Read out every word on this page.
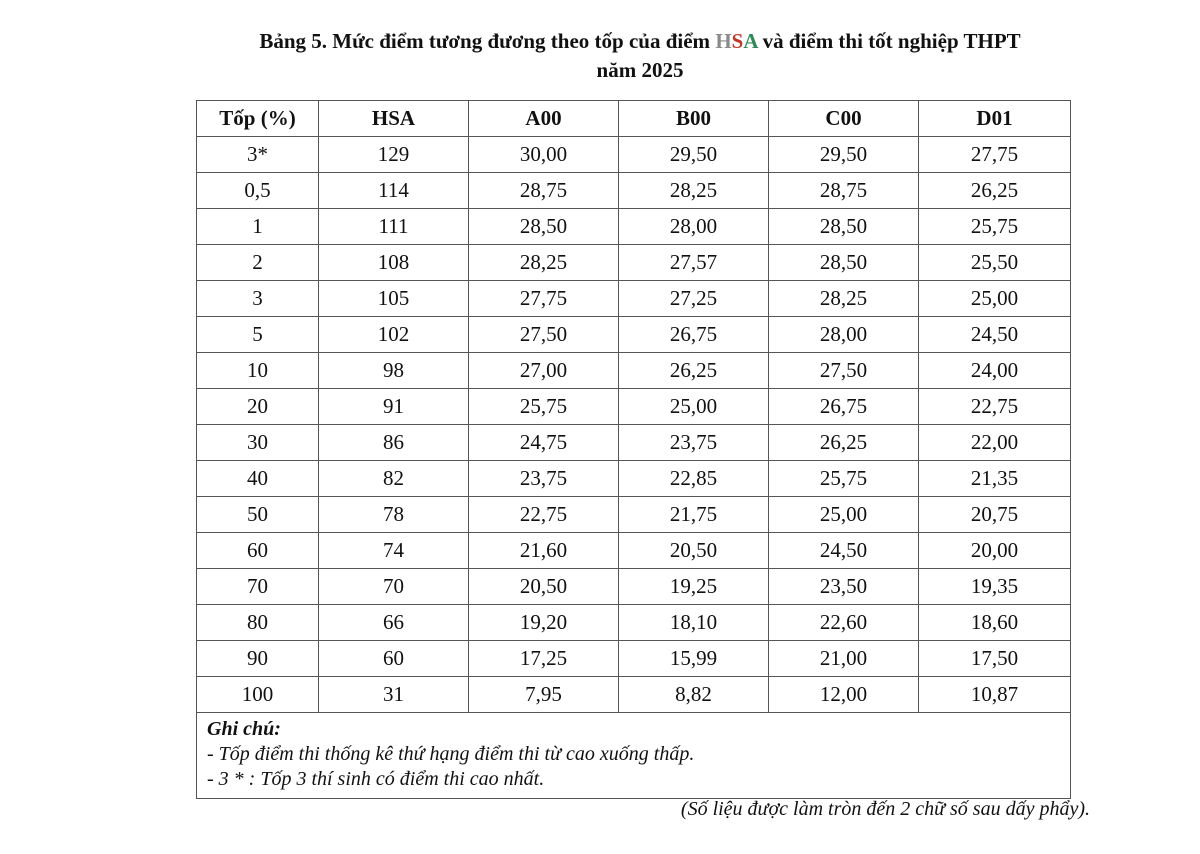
Bảng 5. Mức điểm tương đương theo tốp của điểm HSA và điểm thi tốt nghiệp THPT
năm 2025
Tốp (%)	HSA	A00	B00	C00	D01
3*	129	30,00	29,50	29,50	27,75
0,5	114	28,75	28,25	28,75	26,25
1	111	28,50	28,00	28,50	25,75
2	108	28,25	27,57	28,50	25,50
3	105	27,75	27,25	28,25	25,00
5	102	27,50	26,75	28,00	24,50
10	98	27,00	26,25	27,50	24,00
20	91	25,75	25,00	26,75	22,75
30	86	24,75	23,75	26,25	22,00
40	82	23,75	22,85	25,75	21,35
50	78	22,75	21,75	25,00	20,75
60	74	21,60	20,50	24,50	20,00
70	70	20,50	19,25	23,50	19,35
80	66	19,20	18,10	22,60	18,60
90	60	17,25	15,99	21,00	17,50
100	31	7,95	8,82	12,00	10,87

Ghi chú:
- Tốp điểm thi thống kê thứ hạng điểm thi từ cao xuống thấp.
- 3 * : Tốp 3 thí sinh có điểm thi cao nhất.					
(Số liệu được làm tròn đến 2 chữ số sau dấy phẩy).
